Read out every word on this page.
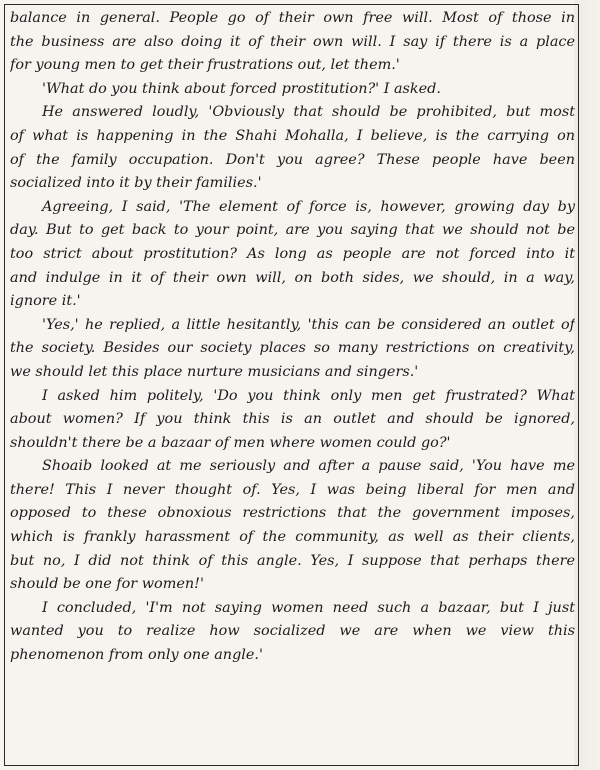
balance in general. People go of their own free will. Most of those in
the business are also doing it of their own will. I say if there is a place
for young men to get their frustrations out, let them.'
'What do you think about forced prostitution?' I asked.
He answered loudly, 'Obviously that should be prohibited, but most
of what is happening in the Shahi Mohalla, I believe, is the carrying on
of the family occupation. Don't you agree? These people have been
socialized into it by their families.'
Agreeing, I said, 'The element of force is, however, growing day by
day. But to get back to your point, are you saying that we should not be
too strict about prostitution? As long as people are not forced into it
and indulge in it of their own will, on both sides, we should, in a way,
ignore it.'
'Yes,' he replied, a little hesitantly, 'this can be considered an outlet of
the society. Besides our society places so many restrictions on creativity,
we should let this place nurture musicians and singers.'
I asked him politely, 'Do you think only men get frustrated? What
about women? If you think this is an outlet and should be ignored,
shouldn't there be a bazaar of men where women could go?'
Shoaib looked at me seriously and after a pause said, 'You have me
there! This I never thought of. Yes, I was being liberal for men and
opposed to these obnoxious restrictions that the government imposes,
which is frankly harassment of the community, as well as their clients,
but no, I did not think of this angle. Yes, I suppose that perhaps there
should be one for women!'
I concluded, 'I'm not saying women need such a bazaar, but I just
wanted you to realize how socialized we are when we view this
phenomenon from only one angle.'
